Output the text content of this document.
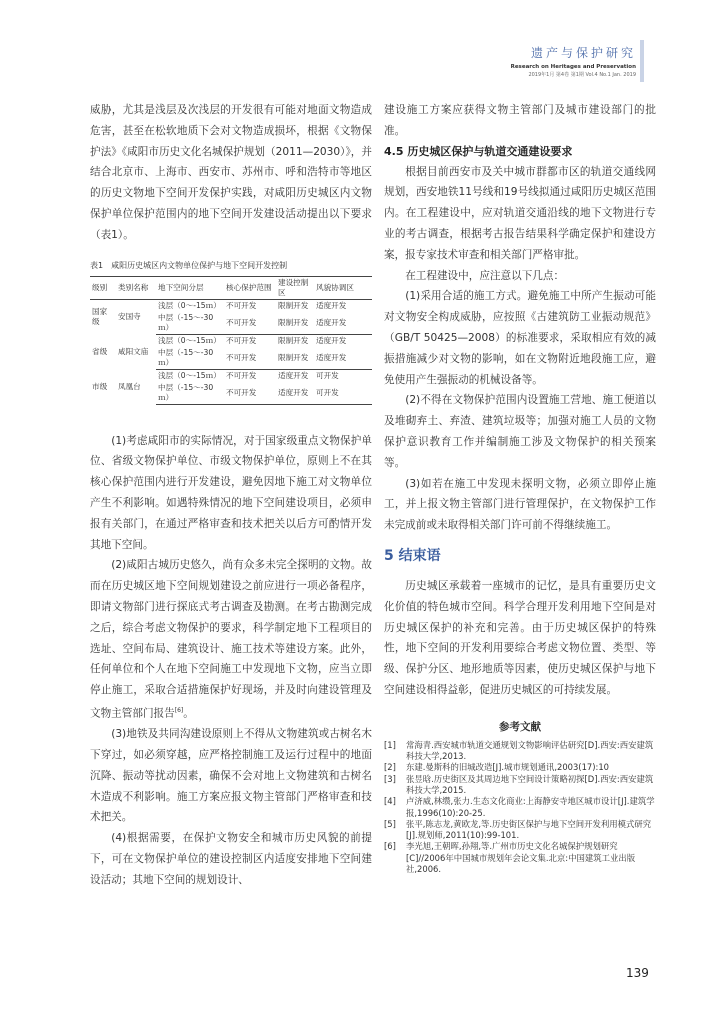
遗产与保护研究
Research on Heritages and Preservation
2019年1月 第4卷 第1期 Vol.4 No.1 Jan. 2019

威胁，尤其是浅层及次浅层的开发很有可能对地面文物造成危害，甚至在松软地质下会对文物造成损坏，根据《文物保护法》《咸阳市历史文化名城保护规划（2011—2030）》，并结合北京市、上海市、西安市、苏州市、呼和浩特市等地区的历史文物地下空间开发保护实践，对咸阳历史城区内文物保护单位保护范围内的地下空间开发建设活动提出以下要求（表1）。

表1 咸阳历史城区内文物单位保护与地下空间开发控制
级别	类别名称	地下空间分层	核心保护范围	建设控制区	风貌协调区
国家级	安国寺	浅层（0～-15ｍ）	不可开发	限制开发	适度开发
		中层（-15～-30ｍ）	不可开发	限制开发	适度开发
省级	咸阳文庙	浅层（0～-15ｍ）	不可开发	限制开发	适度开发
		中层（-15～-30ｍ）	不可开发	限制开发	适度开发
市级	凤凰台	浅层（0～-15ｍ）	不可开发	适度开发	可开发
		中层（-15～-30ｍ）	不可开发	适度开发	可开发

(1)考虑咸阳市的实际情况，对于国家级重点文物保护单位、省级文物保护单位、市级文物保护单位，原则上不在其核心保护范围内进行开发建设，避免因地下施工对文物单位产生不利影响。如遇特殊情况的地下空间建设项目，必须申报有关部门，在通过严格审查和技术把关以后方可酌情开发其地下空间。

(2)咸阳古城历史悠久，尚有众多未完全探明的文物。故而在历史城区地下空间规划建设之前应进行一项必备程序，即请文物部门进行探底式考古调查及勘测。在考古勘测完成之后，综合考虑文物保护的要求，科学制定地下工程项目的选址、空间布局、建筑设计、施工技术等建设方案。此外，任何单位和个人在地下空间施工中发现地下文物，应当立即停止施工，采取合适措施保护好现场，并及时向建设管理及文物主管部门报告[6]。

(3)地铁及共同沟建设原则上不得从文物建筑或古树名木下穿过，如必须穿越，应严格控制施工及运行过程中的地面沉降、振动等扰动因素，确保不会对地上文物建筑和古树名木造成不利影响。施工方案应报文物主管部门严格审查和技术把关。

(4)根据需要，在保护文物安全和城市历史风貌的前提下，可在文物保护单位的建设控制区内适度安排地下空间建设活动；其地下空间的规划设计、

建设施工方案应获得文物主管部门及城市建设部门的批准。

4.5 历史城区保护与轨道交通建设要求

根据目前西安市及关中城市群都市区的轨道交通线网规划，西安地铁11号线和19号线拟通过咸阳历史城区范围内。在工程建设中，应对轨道交通沿线的地下文物进行专业的考古调查，根据考古报告结果科学确定保护和建设方案，报专家技术审查和相关部门严格审批。

在工程建设中，应注意以下几点：

(1)采用合适的施工方式。避免施工中所产生振动可能对文物安全构成威胁，应按照《古建筑防工业振动规范》（GB/T 50425—2008）的标准要求，采取相应有效的减振措施减少对文物的影响，如在文物附近地段施工应，避免使用产生强振动的机械设备等。

(2)不得在文物保护范围内设置施工营地、施工便道以及堆砌弃土、弃渣、建筑垃圾等；加强对施工人员的文物保护意识教育工作并编制施工涉及文物保护的相关预案等。

(3)如若在施工中发现未探明文物，必须立即停止施工，并上报文物主管部门进行管理保护，在文物保护工作未完成前或未取得相关部门许可前不得继续施工。

5 结束语

历史城区承载着一座城市的记忆，是具有重要历史文化价值的特色城市空间。科学合理开发利用地下空间是对历史城区保护的补充和完善。由于历史城区保护的特殊性，地下空间的开发利用要综合考虑文物位置、类型、等级、保护分区、地形地质等因素，使历史城区保护与地下空间建设相得益彰，促进历史城区的可持续发展。

参考文献
[1]	常海青.西安城市轨道交通规划文物影响评估研究[D].西安:西安建筑科技大学,2013.
[2]	东建.曼斯科的旧城改造[J].城市规划通讯,2003(17):10
[3]	张昱晗.历史街区及其周边地下空间设计策略初探[D].西安:西安建筑科技大学,2015.
[4]	卢济威,林缵,张力.生态文化商业:上海静安寺地区城市设计[J].建筑学报,1996(10):20-25.
[5]	张平,陈志龙,黄欧龙,等.历史街区保护与地下空间开发利用模式研究[J].规划师,2011(10):99-101.
[6]	李光旭,王朝晖,孙翔,等.广州市历史文化名城保护规划研究[C]//2006年中国城市规划年会论文集.北京:中国建筑工业出版社,2006.
139
